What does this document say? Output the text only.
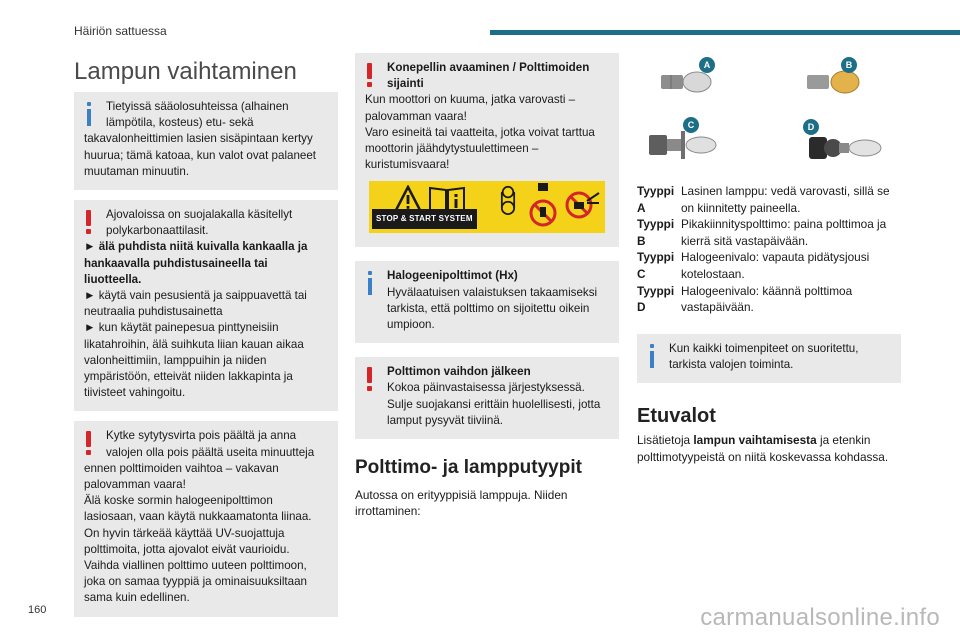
Häiriön sattuessa
Lampun vaihtaminen
Tietyissä sääolosuhteissa (alhainen lämpötila, kosteus) etu- sekä
takavalonheittimien lasien sisäpintaan kertyy huurua; tämä katoaa, kun valot ovat palaneet muutaman minuutin.
Ajovaloissa on suojalakalla käsitellyt polykarbonaattilasit.
► älä puhdista niitä kuivalla kankaalla ja hankaavalla puhdistusaineella tai liuotteella.
► käytä vain pesusientä ja saippuavettä tai neutraalia puhdistusainetta
► kun käytät painepesua pinttyneisiin likatahroihin, älä suihkuta liian kauan aikaa valonheittimiin, lamppuihin ja niiden ympäristöön, etteivät niiden lakkapinta ja tiivisteet vahingoitu.
Kytke sytytysvirta pois päältä ja anna valojen olla pois päältä useita minuutteja
ennen polttimoiden vaihtoa – vakavan palovamman vaara!
Älä koske sormin halogeenipolttimon lasiosaan, vaan käytä nukkaamatonta liinaa.
On hyvin tärkeää käyttää UV-suojattuja polttimoita, jotta ajovalot eivät vaurioidu.
Vaihda viallinen polttimo uuteen polttimoon, joka on samaa tyyppiä ja ominaisuuksiltaan sama kuin edellinen.
Konepellin avaaminen / Polttimoiden sijainti
Kun moottori on kuuma, jatka varovasti – palovamman vaara!
Varo esineitä tai vaatteita, jotka voivat tarttua moottorin jäähdytystuulettimeen – kuristumisvaara!
STOP & START SYSTEM
Halogeenipolttimot (Hx)
Hyvälaatuisen valaistuksen takaamiseksi tarkista, että polttimo on sijoitettu oikein umpioon.
Polttimon vaihdon jälkeen
Kokoa päinvastaisessa järjestyksessä. Sulje suojakansi erittäin huolellisesti, jotta lamput pysyvät tiiviinä.
Polttimo- ja lampputyypit

Autossa on erityyppisiä lamppuja. Niiden irrottaminen:

A	B
C	D
Tyyppi A
Lasinen lamppu: vedä varovasti, sillä se on kiinnitetty paineella.
Tyyppi B
Pikakiinnityspolttimo: paina polttimoa ja kierrä sitä vastapäivään.
Tyyppi C
Halogeenivalo: vapauta pidätysjousi kotelostaan.
Tyyppi D
Halogeenivalo: käännä polttimoa vastapäivään.
Kun kaikki toimenpiteet on suoritettu, tarkista valojen toiminta.
Etuvalot

Lisätietoja lampun vaihtamisesta ja etenkin polttimotyypeistä on niitä koskevassa kohdassa.

160	carmanualsonline.info
